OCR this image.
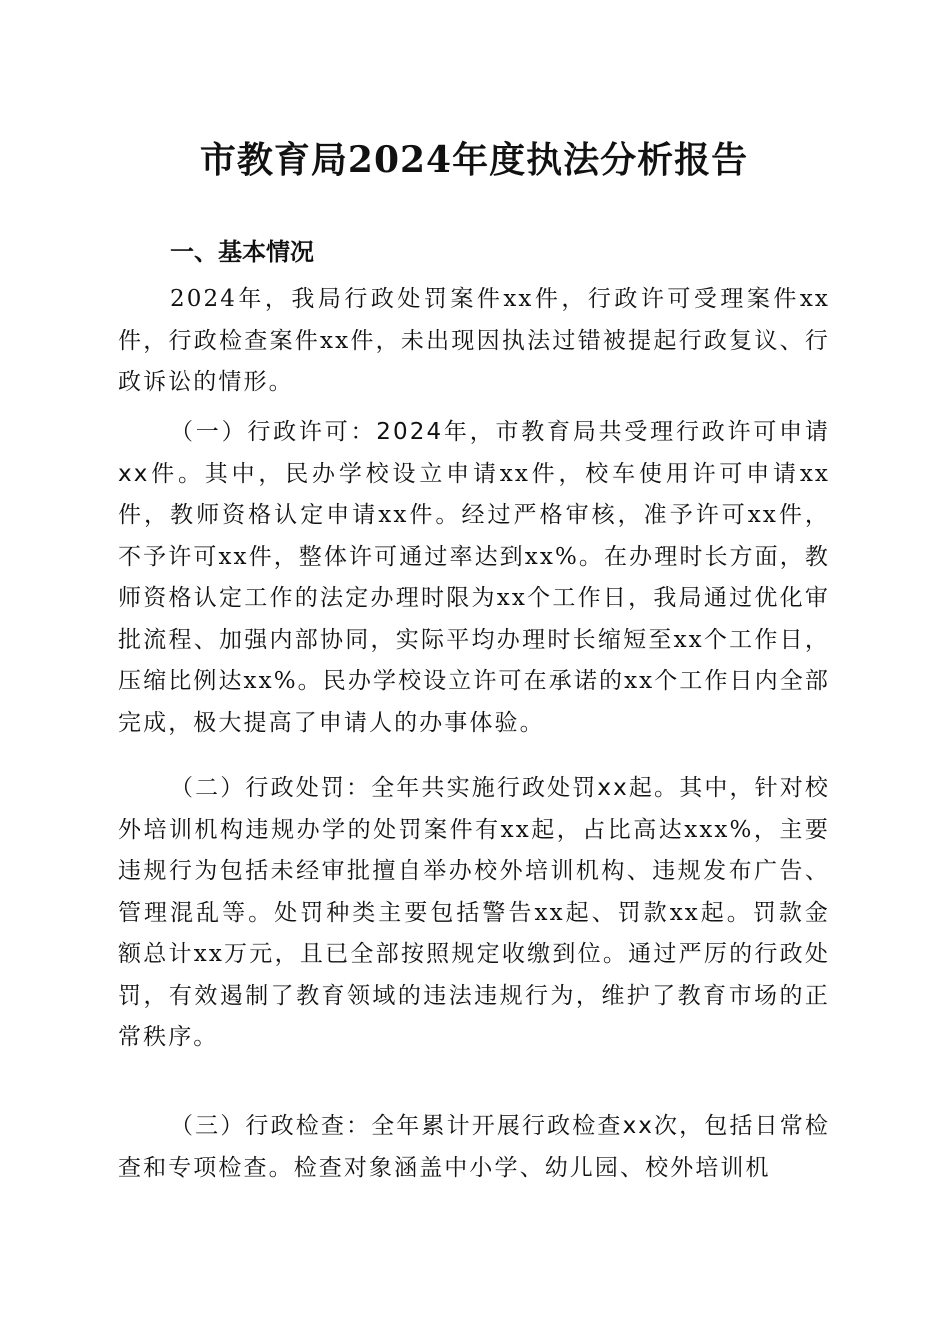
市教育局2024年度执法分析报告
一、基本情况

2024年，我局行政处罚案件xx件，行政许可受理案件xx件，行政检查案件xx件，未出现因执法过错被提起行政复议、行政诉讼的情形。

（一）行政许可：2024年，市教育局共受理行政许可申请xx件。其中，民办学校设立申请xx件，校车使用许可申请xx件，教师资格认定申请xx件。经过严格审核，准予许可xx件，不予许可xx件，整体许可通过率达到xx%。在办理时长方面，教师资格认定工作的法定办理时限为xx个工作日，我局通过优化审批流程、加强内部协同，实际平均办理时长缩短至xx个工作日，压缩比例达xx%。民办学校设立许可在承诺的xx个工作日内全部完成，极大提高了申请人的办事体验。

（二）行政处罚：全年共实施行政处罚xx起。其中，针对校外培训机构违规办学的处罚案件有xx起，占比高达xxx%，主要违规行为包括未经审批擅自举办校外培训机构、违规发布广告、管理混乱等。处罚种类主要包括警告xx起、罚款xx起。罚款金额总计xx万元，且已全部按照规定收缴到位。通过严厉的行政处罚，有效遏制了教育领域的违法违规行为，维护了教育市场的正常秩序。

（三）行政检查：全年累计开展行政检查xx次，包括日常检查和专项检查。检查对象涵盖中小学、幼儿园、校外培训机
